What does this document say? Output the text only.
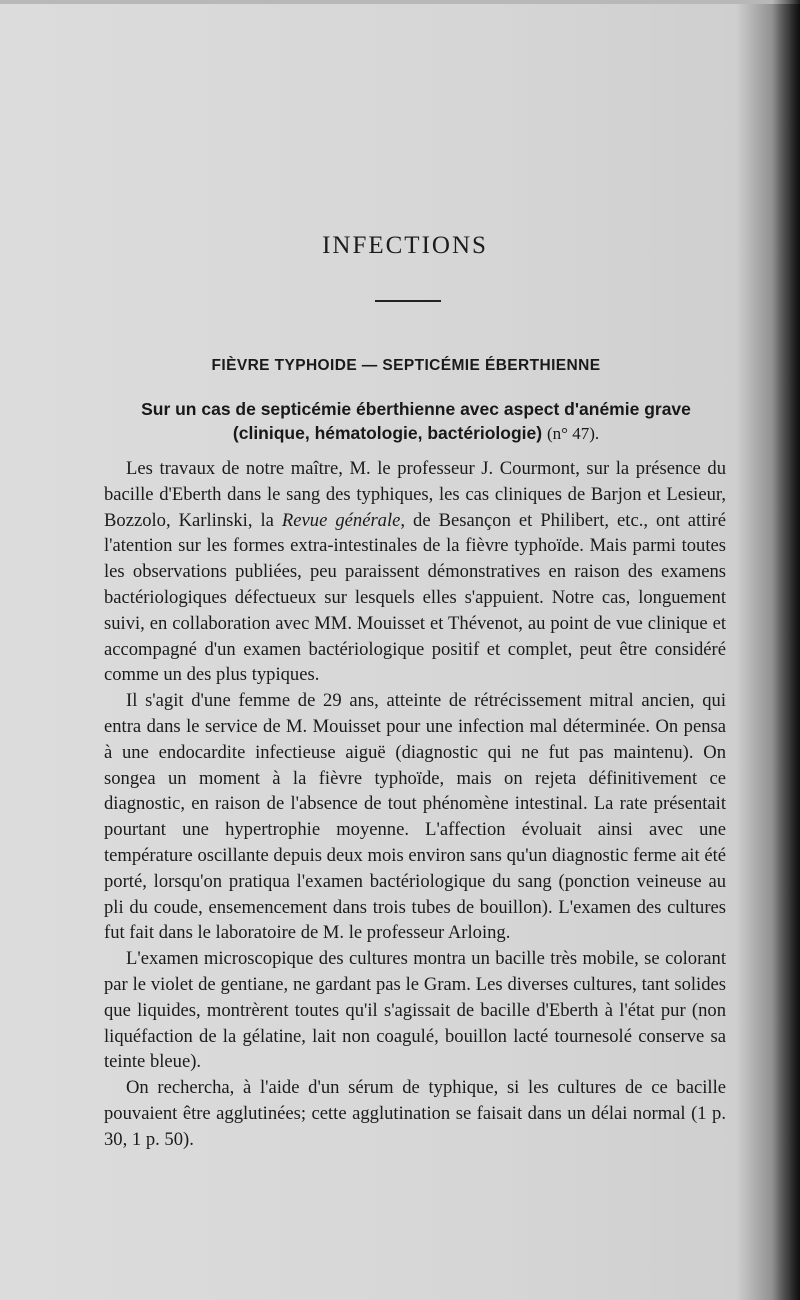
INFECTIONS
FIÈVRE TYPHOIDE — SEPTICÉMIE ÉBERTHIENNE
Sur un cas de septicémie éberthienne avec aspect d'anémie grave
(clinique, hématologie, bactériologie) (n° 47).

Les travaux de notre maître, M. le professeur J. Courmont, sur la présence du bacille d'Eberth dans le sang des typhiques, les cas cliniques de Barjon et Lesieur, Bozzolo, Karlinski, la Revue générale, de Besançon et Philibert, etc., ont attiré l'atention sur les formes extra-intestinales de la fièvre typhoïde. Mais parmi toutes les observations publiées, peu paraissent démonstratives en raison des examens bactériologiques défectueux sur lesquels elles s'appuient. Notre cas, longuement suivi, en collaboration avec MM. Mouisset et Thévenot, au point de vue clinique et accompagné d'un examen bactériologique positif et complet, peut être considéré comme un des plus typiques.

Il s'agit d'une femme de 29 ans, atteinte de rétrécissement mitral ancien, qui entra dans le service de M. Mouisset pour une infection mal déterminée. On pensa à une endocardite infectieuse aiguë (diagnostic qui ne fut pas maintenu). On songea un moment à la fièvre typhoïde, mais on rejeta définitivement ce diagnostic, en raison de l'absence de tout phénomène intestinal. La rate présentait pourtant une hypertrophie moyenne. L'affection évoluait ainsi avec une température oscillante depuis deux mois environ sans qu'un diagnostic ferme ait été porté, lorsqu'on pratiqua l'examen bactériologique du sang (ponction veineuse au pli du coude, ensemencement dans trois tubes de bouillon). L'examen des cultures fut fait dans le laboratoire de M. le professeur Arloing.

L'examen microscopique des cultures montra un bacille très mobile, se colorant par le violet de gentiane, ne gardant pas le Gram. Les diverses cultures, tant solides que liquides, montrèrent toutes qu'il s'agissait de bacille d'Eberth à l'état pur (non liquéfaction de la gélatine, lait non coagulé, bouillon lacté tournesolé conserve sa teinte bleue).

On rechercha, à l'aide d'un sérum de typhique, si les cultures de ce bacille pouvaient être agglutinées; cette agglutination se faisait dans un délai normal (1 p. 30, 1 p. 50).
